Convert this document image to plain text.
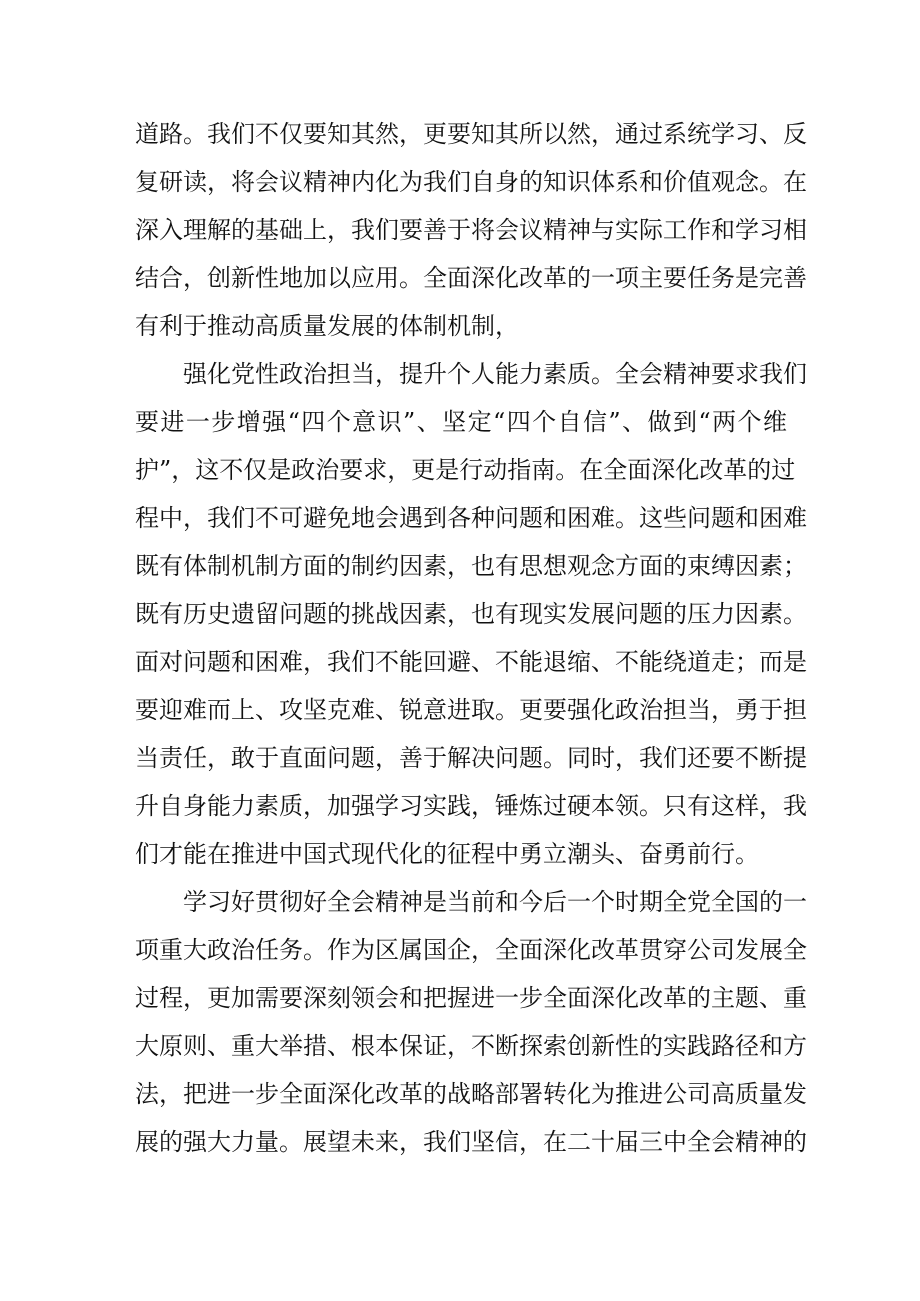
道路。我们不仅要知其然，更要知其所以然，通过系统学习、反
复研读，将会议精神内化为我们自身的知识体系和价值观念。在
深入理解的基础上，我们要善于将会议精神与实际工作和学习相
结合，创新性地加以应用。全面深化改革的一项主要任务是完善
有利于推动高质量发展的体制机制，
强化党性政治担当，提升个人能力素质。全会精神要求我们
要进一步增强“四个意识”、坚定“四个自信”、做到“两个维
护”，这不仅是政治要求，更是行动指南。在全面深化改革的过
程中，我们不可避免地会遇到各种问题和困难。这些问题和困难
既有体制机制方面的制约因素，也有思想观念方面的束缚因素；
既有历史遗留问题的挑战因素，也有现实发展问题的压力因素。
面对问题和困难，我们不能回避、不能退缩、不能绕道走；而是
要迎难而上、攻坚克难、锐意进取。更要强化政治担当，勇于担
当责任，敢于直面问题，善于解决问题。同时，我们还要不断提
升自身能力素质，加强学习实践，锤炼过硬本领。只有这样，我
们才能在推进中国式现代化的征程中勇立潮头、奋勇前行。
学习好贯彻好全会精神是当前和今后一个时期全党全国的一
项重大政治任务。作为区属国企，全面深化改革贯穿公司发展全
过程，更加需要深刻领会和把握进一步全面深化改革的主题、重
大原则、重大举措、根本保证，不断探索创新性的实践路径和方
法，把进一步全面深化改革的战略部署转化为推进公司高质量发
展的强大力量。展望未来，我们坚信，在二十届三中全会精神的
